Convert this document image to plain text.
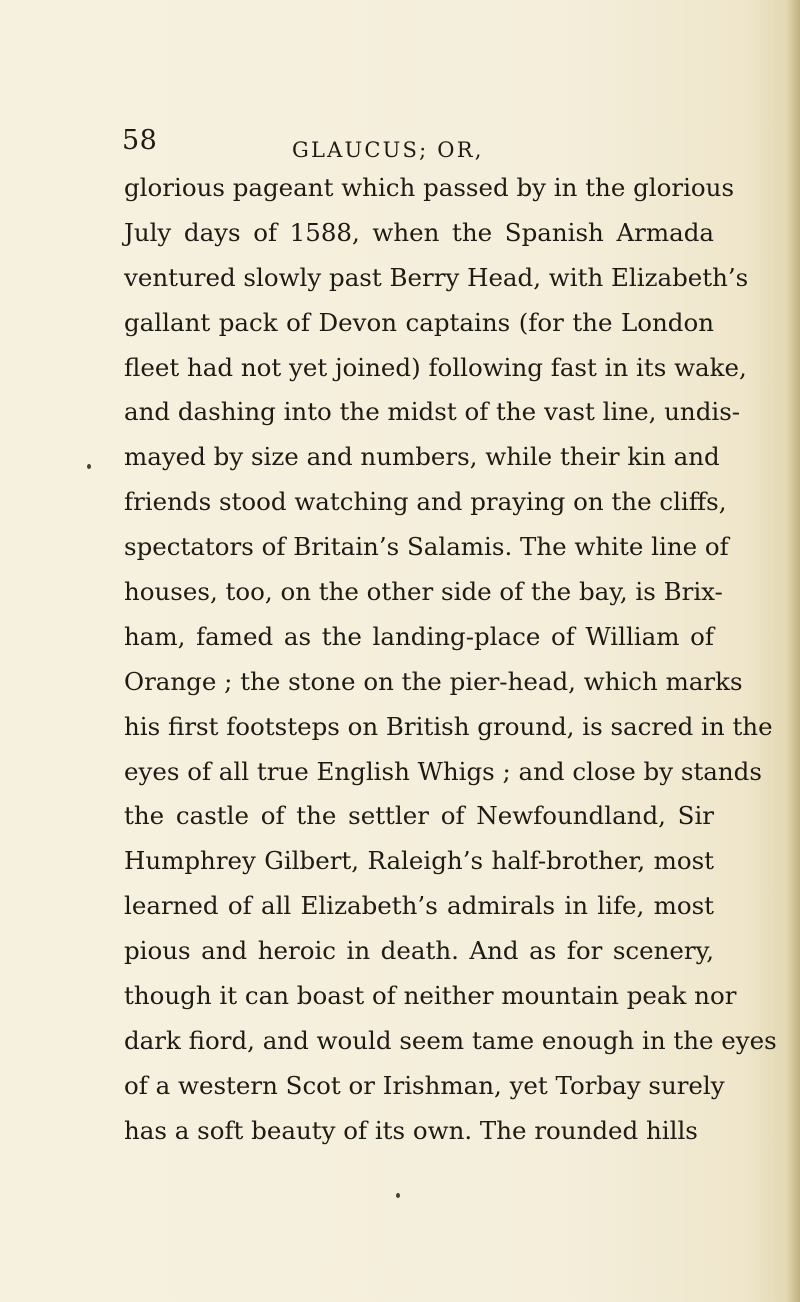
58	GLAUCUS; OR,
glorious pageant which passed by in the glorious
July days of 1588, when the Spanish Armada
ventured slowly past Berry Head, with Elizabeth’s
gallant pack of Devon captains (for the London
fleet had not yet joined) following fast in its wake,
and dashing into the midst of the vast line, undis-
mayed by size and numbers, while their kin and
friends stood watching and praying on the cliffs,
spectators of Britain’s Salamis. The white line of
houses, too, on the other side of the bay, is Brix-
ham, famed as the landing-place of William of
Orange ; the stone on the pier-head, which marks
his first footsteps on British ground, is sacred in the
eyes of all true English Whigs ; and close by stands
the castle of the settler of Newfoundland, Sir
Humphrey Gilbert, Raleigh’s half-brother, most
learned of all Elizabeth’s admirals in life, most
pious and heroic in death. And as for scenery,
though it can boast of neither mountain peak nor
dark fiord, and would seem tame enough in the eyes
of a western Scot or Irishman, yet Torbay surely
has a soft beauty of its own. The rounded hills
